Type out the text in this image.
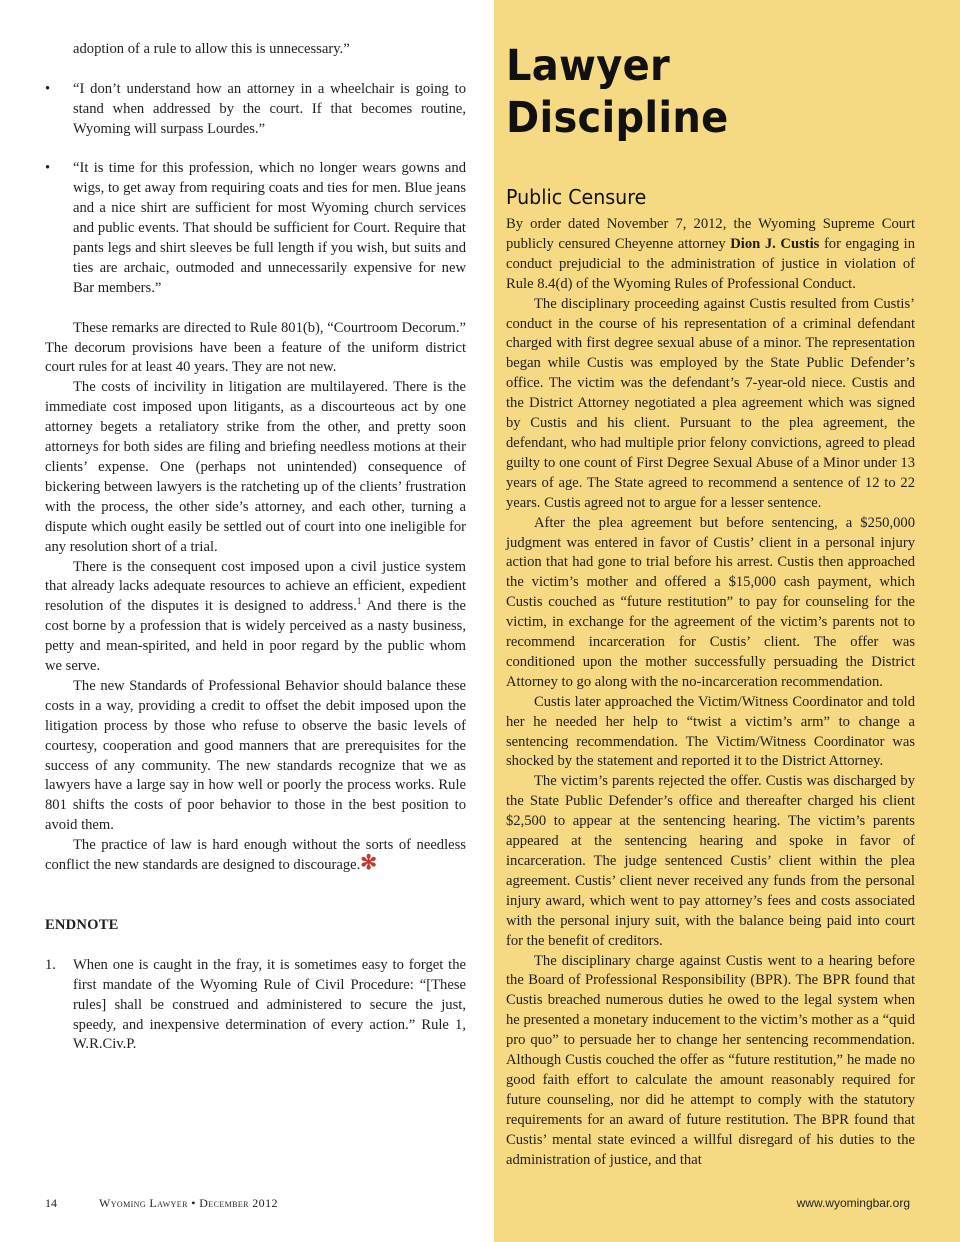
adoption of a rule to allow this is unnecessary.”

• “I don’t understand how an attorney in a wheelchair is going to stand when addressed by the court. If that becomes routine, Wyoming will surpass Lourdes.”

• “It is time for this profession, which no longer wears gowns and wigs, to get away from requiring coats and ties for men. Blue jeans and a nice shirt are sufficient for most Wyoming church services and public events. That should be sufficient for Court. Require that pants legs and shirt sleeves be full length if you wish, but suits and ties are archaic, outmoded and unnecessarily expensive for new Bar members.”

These remarks are directed to Rule 801(b), “Courtroom Decorum.” The decorum provisions have been a feature of the uniform district court rules for at least 40 years. They are not new.

The costs of incivility in litigation are multilayered. There is the immediate cost imposed upon litigants, as a discourteous act by one attorney begets a retaliatory strike from the other, and pretty soon attorneys for both sides are filing and briefing needless motions at their clients’ expense. One (perhaps not unintended) consequence of bickering between lawyers is the ratcheting up of the clients’ frustration with the process, the other side’s attorney, and each other, turning a dispute which ought easily be settled out of court into one ineligible for any resolution short of a trial.

There is the consequent cost imposed upon a civil justice system that already lacks adequate resources to achieve an efficient, expedient resolution of the disputes it is designed to address.$^1$ And there is the cost borne by a profession that is widely perceived as a nasty business, petty and mean-spirited, and held in poor regard by the public whom we serve.

The new Standards of Professional Behavior should balance these costs in a way, providing a credit to offset the debit imposed upon the litigation process by those who refuse to observe the basic levels of courtesy, cooperation and good manners that are prerequisites for the success of any community. The new standards recognize that we as lawyers have a large say in how well or poorly the process works. Rule 801 shifts the costs of poor behavior to those in the best position to avoid them.

The practice of law is hard enough without the sorts of needless conflict the new standards are designed to discourage.✻

ENDNOTE

1. When one is caught in the fray, it is sometimes easy to forget the first mandate of the Wyoming Rule of Civil Procedure: “[These rules] shall be construed and administered to secure the just, speedy, and inexpensive determination of every action.” Rule 1, W.R.Civ.P.

Lawyer Discipline
Public Censure

By order dated November 7, 2012, the Wyoming Supreme Court publicly censured Cheyenne attorney Dion J. Custis for engaging in conduct prejudicial to the administration of justice in violation of Rule 8.4(d) of the Wyoming Rules of Professional Conduct.

The disciplinary proceeding against Custis resulted from Custis’ conduct in the course of his representation of a criminal defendant charged with first degree sexual abuse of a minor. The representation began while Custis was employed by the State Public Defender’s office. The victim was the defendant’s 7-year-old niece. Custis and the District Attorney negotiated a plea agreement which was signed by Custis and his client. Pursuant to the plea agreement, the defendant, who had multiple prior felony convictions, agreed to plead guilty to one count of First Degree Sexual Abuse of a Minor under 13 years of age. The State agreed to recommend a sentence of 12 to 22 years. Custis agreed not to argue for a lesser sentence.

After the plea agreement but before sentencing, a $250,000 judgment was entered in favor of Custis’ client in a personal injury action that had gone to trial before his arrest. Custis then approached the victim’s mother and offered a $15,000 cash payment, which Custis couched as “future restitution” to pay for counseling for the victim, in exchange for the agreement of the victim’s parents not to recommend incarceration for Custis’ client. The offer was conditioned upon the mother successfully persuading the District Attorney to go along with the no-incarceration recommendation.

Custis later approached the Victim/Witness Coordinator and told her he needed her help to “twist a victim’s arm” to change a sentencing recommendation. The Victim/Witness Coordinator was shocked by the statement and reported it to the District Attorney.

The victim’s parents rejected the offer. Custis was discharged by the State Public Defender’s office and thereafter charged his client $2,500 to appear at the sentencing hearing. The victim’s parents appeared at the sentencing hearing and spoke in favor of incarceration. The judge sentenced Custis’ client within the plea agreement. Custis’ client never received any funds from the personal injury award, which went to pay attorney’s fees and costs associated with the personal injury suit, with the balance being paid into court for the benefit of creditors.

The disciplinary charge against Custis went to a hearing before the Board of Professional Responsibility (BPR). The BPR found that Custis breached numerous duties he owed to the legal system when he presented a monetary inducement to the victim’s mother as a “quid pro quo” to persuade her to change her sentencing recommendation. Although Custis couched the offer as “future restitution,” he made no good faith effort to calculate the amount reasonably required for future counseling, nor did he attempt to comply with the statutory requirements for an award of future restitution. The BPR found that Custis’ mental state evinced a willful disregard of his duties to the administration of justice, and that

14	Wyoming Lawyer • December 2012	www.wyomingbar.org
